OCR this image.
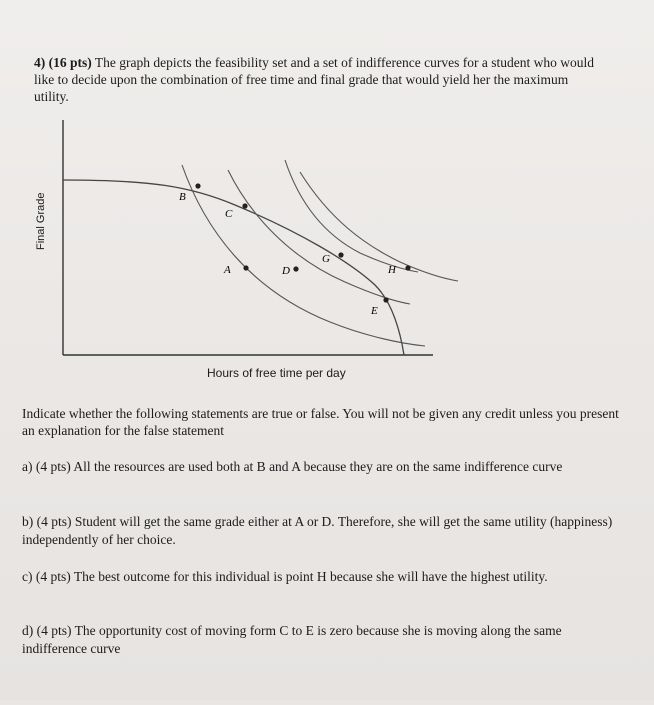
4) (16 pts) The graph depicts the feasibility set and a set of indifference curves for a student who would like to decide upon the combination of free time and final grade that would yield her the maximum utility.
B
C
A	D
G
H
E
Final Grade
Hours of free time per day
Indicate whether the following statements are true or false. You will not be given any credit unless you present an explanation for the false statement
a) (4 pts) All the resources are used both at B and A because they are on the same indifference curve
b) (4 pts) Student will get the same grade either at A or D. Therefore, she will get the same utility (happiness) independently of her choice.
c) (4 pts) The best outcome for this individual is point H because she will have the highest utility.
d) (4 pts) The opportunity cost of moving form C to E is zero because she is moving along the same indifference curve
